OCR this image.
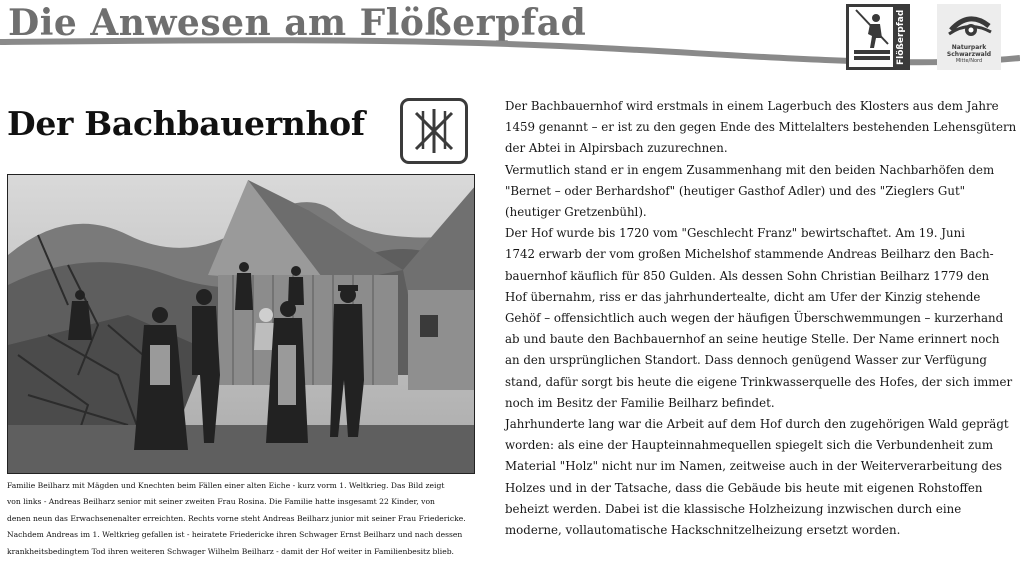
Die Anwesen am Flößerpfad	Flößerpfad	Naturpark
Schwarzwald
Mitte/Nord
Der Bachbauernhof
Familie Beilharz mit Mägden und Knechten beim Fällen einer alten Eiche - kurz vorm 1. Weltkrieg. Das Bild zeigt
von links - Andreas Beilharz senior mit seiner zweiten Frau Rosina. Die Familie hatte insgesamt 22 Kinder, von
denen neun das Erwachsenenalter erreichten. Rechts vorne steht Andreas Beilharz junior mit seiner Frau Friedericke.
Nachdem Andreas im 1. Weltkrieg gefallen ist - heiratete Friedericke ihren Schwager Ernst Beilharz und nach dessen
krankheitsbedingtem Tod ihren weiteren Schwager Wilhelm Beilharz - damit der Hof weiter in Familienbesitz blieb.
Der Bachbauernhof wird erstmals in einem Lagerbuch des Klosters aus dem Jahre
1459 genannt – er ist zu den gegen Ende des Mittelalters bestehenden Lehensgütern
der Abtei in Alpirsbach zuzurechnen.
Vermutlich stand er in engem Zusammenhang mit den beiden Nachbarhöfen dem
"Bernet – oder Berhardshof" (heutiger Gasthof Adler) und des "Zieglers Gut"
(heutiger Gretzenbühl).
Der Hof wurde bis 1720 vom "Geschlecht Franz" bewirtschaftet. Am 19. Juni
1742 erwarb der vom großen Michelshof stammende Andreas Beilharz den Bach-
bauernhof käuflich für 850 Gulden. Als dessen Sohn Christian Beilharz 1779 den
Hof übernahm, riss er das jahrhundertealte, dicht am Ufer der Kinzig stehende
Gehöf – offensichtlich auch wegen der häufigen Überschwemmungen – kurzerhand
ab und baute den Bachbauernhof an seine heutige Stelle. Der Name erinnert noch
an den ursprünglichen Standort. Dass dennoch genügend Wasser zur Verfügung
stand, dafür sorgt bis heute die eigene Trinkwasserquelle des Hofes, der sich immer
noch im Besitz der Familie Beilharz befindet.
Jahrhunderte lang war die Arbeit auf dem Hof durch den zugehörigen Wald geprägt
worden: als eine der Haupteinnahmequellen spiegelt sich die Verbundenheit zum
Material "Holz" nicht nur im Namen, zeitweise auch in der Weiterverarbeitung des
Holzes und in der Tatsache, dass die Gebäude bis heute mit eigenen Rohstoffen
beheizt werden. Dabei ist die klassische Holzheizung inzwischen durch eine
moderne, vollautomatische Hackschnitzelheizung ersetzt worden.
